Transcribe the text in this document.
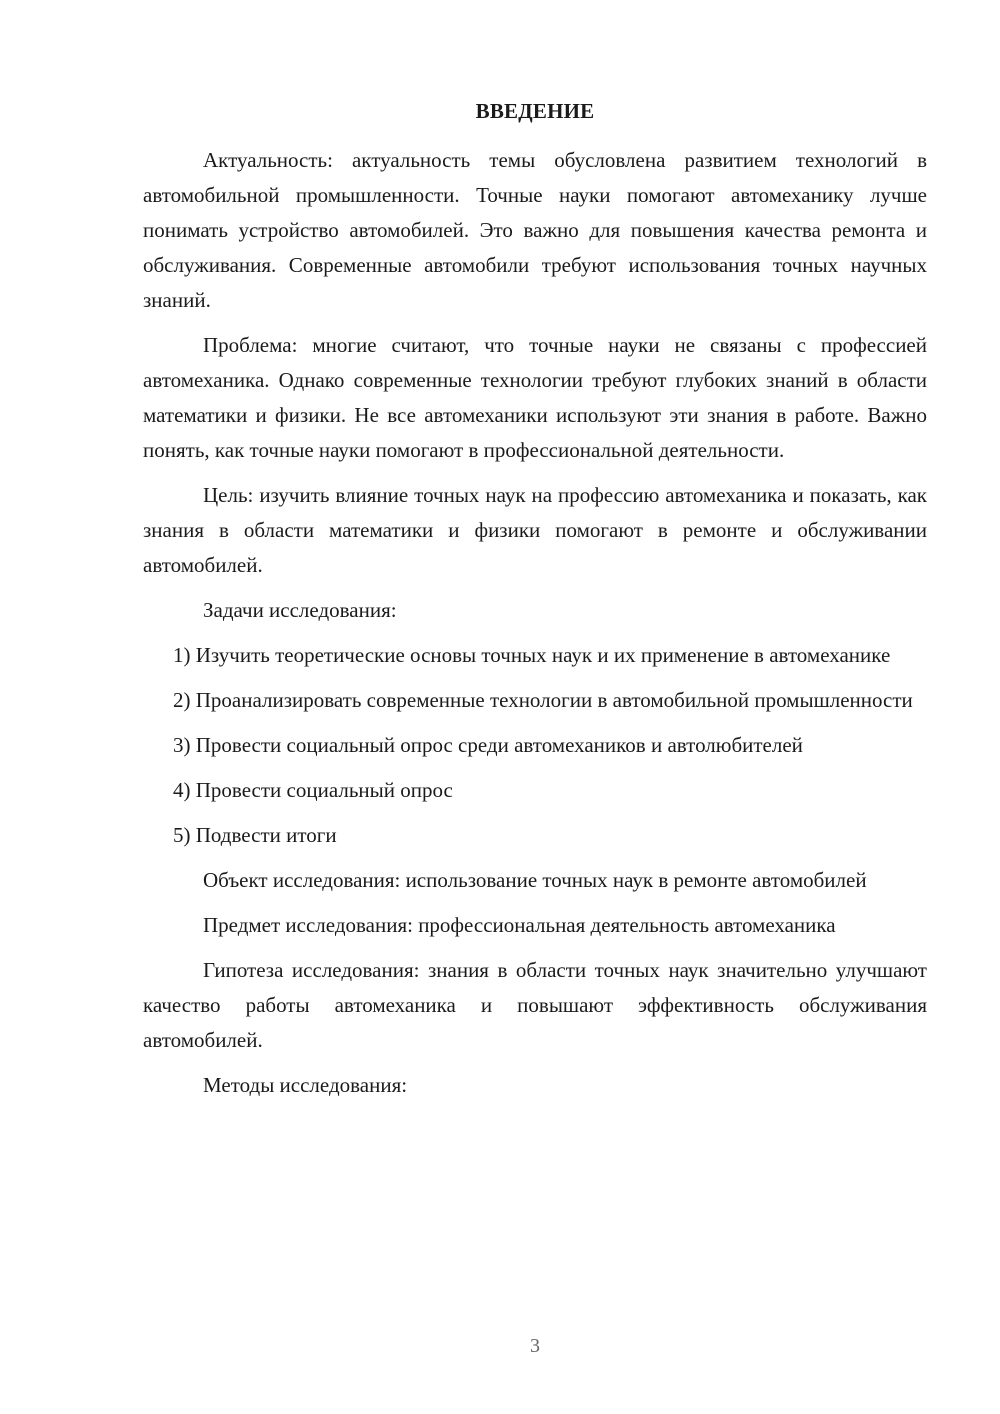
ВВЕДЕНИЕ

Актуальность: актуальность темы обусловлена развитием технологий в автомобильной промышленности. Точные науки помогают автомеханику лучше понимать устройство автомобилей. Это важно для повышения качества ремонта и обслуживания. Современные автомобили требуют использования точных научных знаний.

Проблема: многие считают, что точные науки не связаны с профессией автомеханика. Однако современные технологии требуют глубоких знаний в области математики и физики. Не все автомеханики используют эти знания в работе. Важно понять, как точные науки помогают в профессиональной деятельности.

Цель: изучить влияние точных наук на профессию автомеханика и показать, как знания в области математики и физики помогают в ремонте и обслуживании автомобилей.

Задачи исследования:

1) Изучить теоретические основы точных наук и их применение в автомеханике

2) Проанализировать современные технологии в автомобильной промышленности

3) Провести социальный опрос среди автомехаников и автолюбителей

4) Провести социальный опрос

5) Подвести итоги

Объект исследования: использование точных наук в ремонте автомобилей

Предмет исследования: профессиональная деятельность автомеханика

Гипотеза исследования: знания в области точных наук значительно улучшают качество работы автомеханика и повышают эффективность обслуживания автомобилей.

Методы исследования:

3
